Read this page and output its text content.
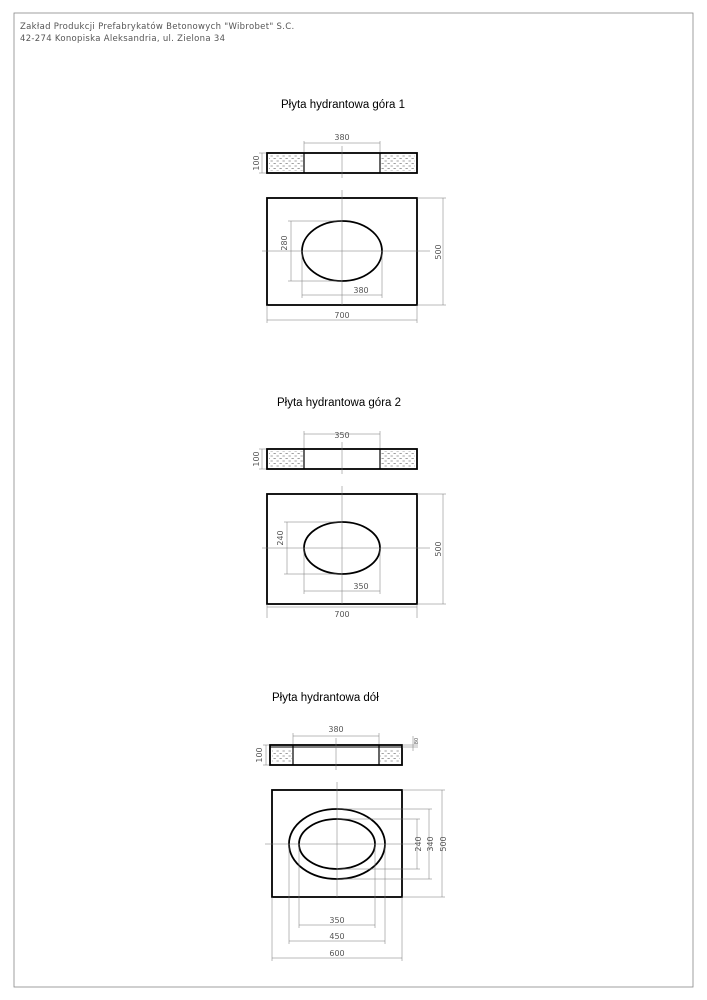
380
100
280
380
700
500
350
100
240
350
700
500
380
100
80
240 340 500
350
450
600
Zakład Produkcji Prefabrykatów Betonowych "Wibrobet" S.C.
42-274 Konopiska Aleksandria, ul. Zielona 34
Płyta hydrantowa góra 1
Płyta hydrantowa góra 2
Płyta hydrantowa dół
